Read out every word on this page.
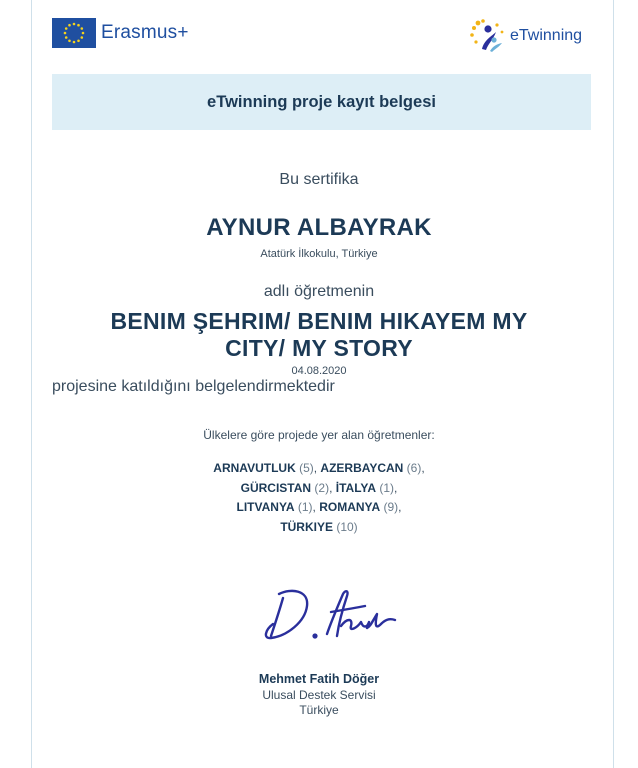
Erasmus+	eTwinning
eTwinning proje kayıt belgesi
Bu sertifika
AYNUR ALBAYRAK
Atatürk İlkokulu, Türkiye
adlı öğretmenin
BENIM ŞEHRIM/ BENIM HIKAYEM MY
CITY/ MY STORY
04.08.2020
projesine katıldığını belgelendirmektedir
Ülkelere göre projede yer alan öğretmenler:
ARNAVUTLUK (5), AZERBAYCAN (6),
GÜRCISTAN (2), İTALYA (1),
LITVANYA (1), ROMANYA (9),
TÜRKIYE (10)
Mehmet Fatih Döğer
Ulusal Destek Servisi
Türkiye
